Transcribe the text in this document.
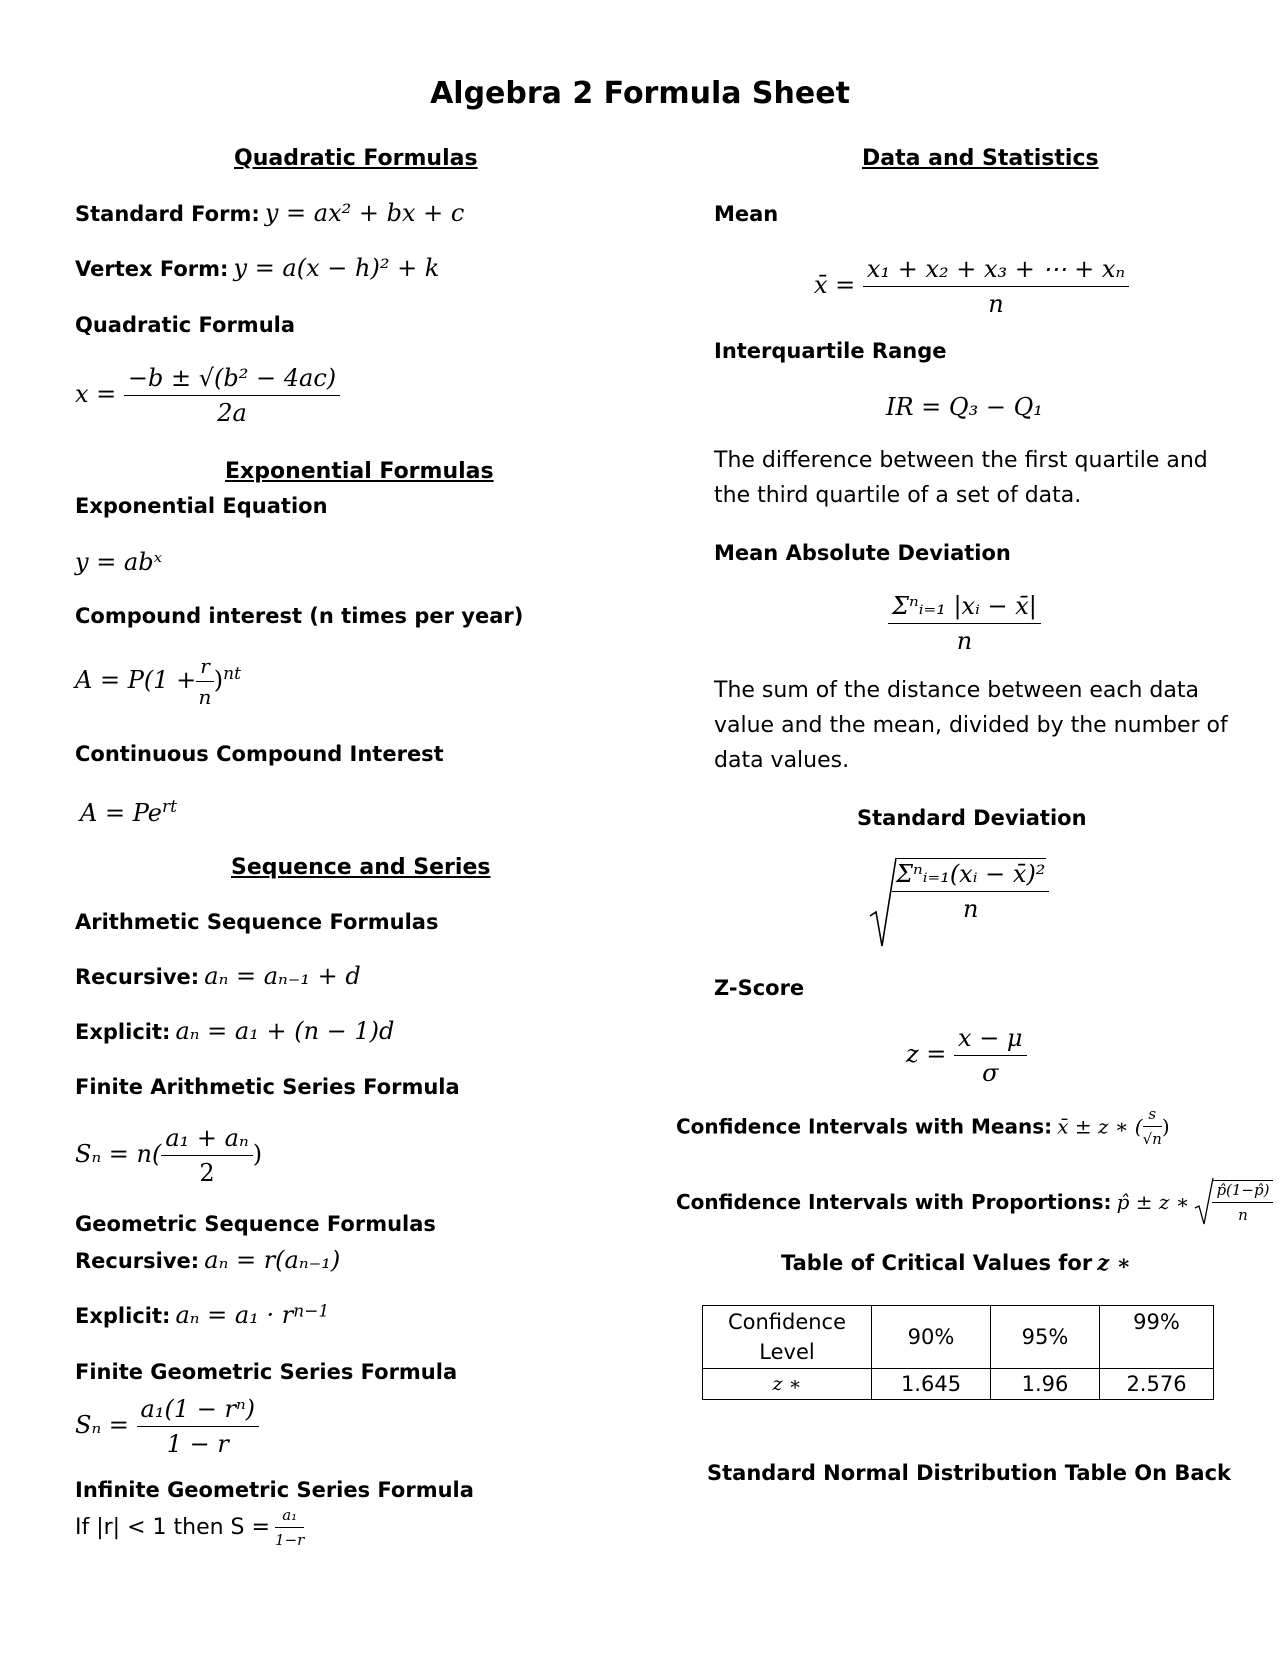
Algebra 2 Formula Sheet
Quadratic Formulas
Standard Form: y = ax² + bx + c
Vertex Form: y = a(x − h)² + k
Quadratic Formula
$x = \frac{\text{−b ± √(b² − 4ac)}}{2a}$
Exponential Formulas
Exponential Equation
y = abˣ
Compound interest (n times per year)
$A = P(1 + \frac{r}{n} )^{nt}$
Continuous Compound Interest
$A = Pe^{rt}$
Sequence and Series
Arithmetic Sequence Formulas
Recursive: aₙ = aₙ₋₁ + d
Explicit: aₙ = a₁ + (n − 1)d
Finite Arithmetic Series Formula
$S_n = n( \frac{\text{a₁ + aₙ}}{2}$ )
Geometric Sequence Formulas
Recursive: aₙ = r(aₙ₋₁)
Explicit: $a_n = a_1 \cdot r^{n-1}$
Finite Geometric Series Formula
$S_n = \frac{\text{a₁(1 − rⁿ)}}{1 - r}$
Infinite Geometric Series Formula
If |r| < 1 then $S = \frac{\text{a₁}}{1-r}$
Data and Statistics
Mean
x̄ = $\frac{\text{x₁ + x₂ + x₃ + ⋯ + xₙ}}{n}$
Interquartile Range
IR = Q₃ − Q₁
The difference between the first quartile and
the third quartile of a set of data.
Mean Absolute Deviation
Σⁿᵢ₌₁ |xᵢ − x̄|
n
The sum of the distance between each data
value and the mean, divided by the number of
data values.
Standard Deviation
Σⁿᵢ₌₁(xᵢ − x̄)²
n
Z-Score
$z = \frac{x - \mu}{\sigma}$
Confidence Intervals with Means: x̄ ± z ∗ ( $\frac{s}{√n}$ )
Confidence Intervals with Proportions: p̂ ± z ∗ $\frac{p̂(1-p̂)}{n}$
Table of Critical Values for z ∗
Confidence
Level	90%	95%	99%
z ∗	1.645	1.96	2.576
Standard Normal Distribution Table On Back
